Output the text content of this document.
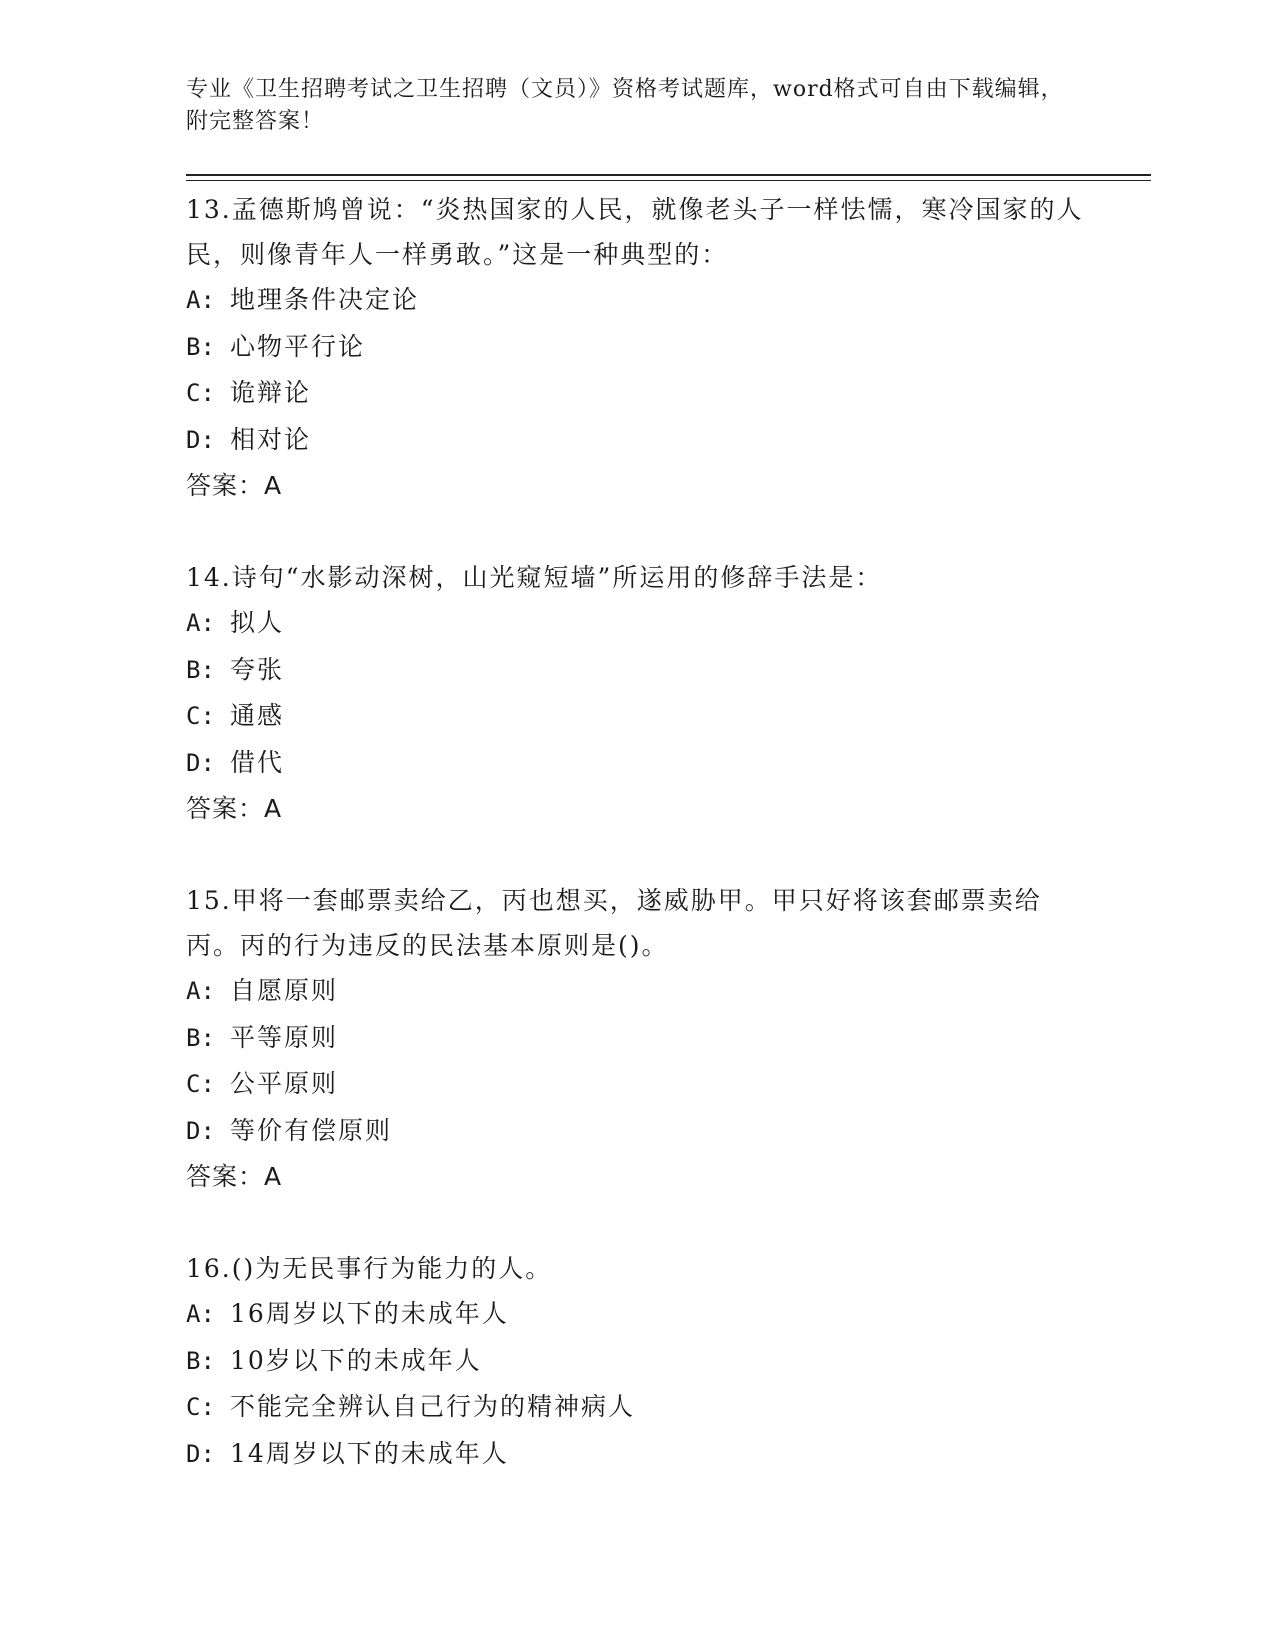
专业《卫生招聘考试之卫生招聘（文员）》资格考试题库，word格式可自由下载编辑，附完整答案！

13.孟德斯鸠曾说：“炎热国家的人民，就像老头子一样怯懦，寒冷国家的人民，则像青年人一样勇敢。”这是一种典型的：

A: 地理条件决定论

B: 心物平行论

C: 诡辩论

D: 相对论

答案：A

14.诗句“水影动深树，山光窥短墙”所运用的修辞手法是：

A: 拟人

B: 夸张

C: 通感

D: 借代

答案：A

15.甲将一套邮票卖给乙，丙也想买，遂威胁甲。甲只好将该套邮票卖给丙。丙的行为违反的民法基本原则是()。

A: 自愿原则

B: 平等原则

C: 公平原则

D: 等价有偿原则

答案：A

16.()为无民事行为能力的人。

A: 16周岁以下的未成年人

B: 10岁以下的未成年人

C: 不能完全辨认自己行为的精神病人

D: 14周岁以下的未成年人
